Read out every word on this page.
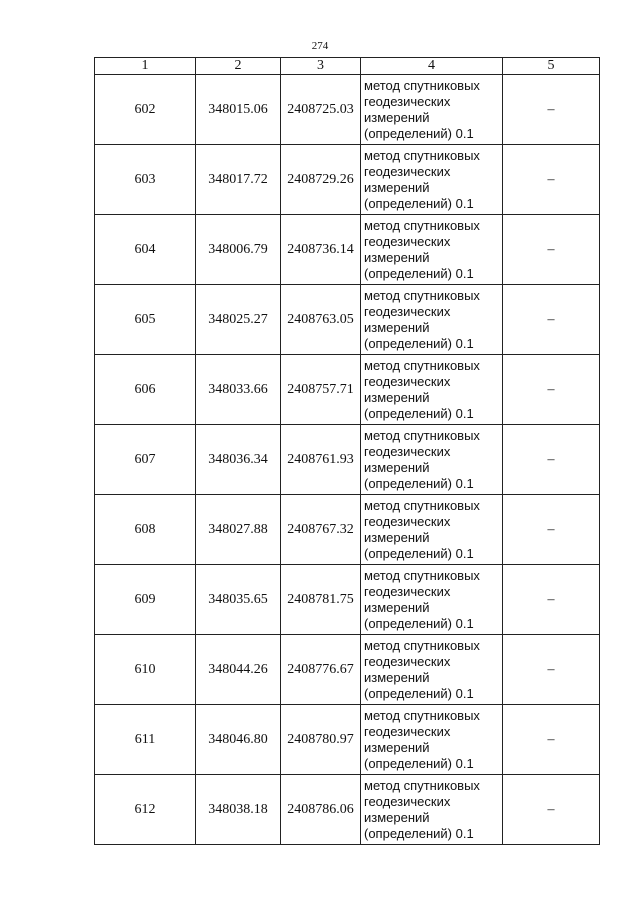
274
1	2	3	4	5
602	348015.06	2408725.03	метод спутниковых
геодезических
измерений
(определений) 0.1	–
603	348017.72	2408729.26	метод спутниковых
геодезических
измерений
(определений) 0.1	–
604	348006.79	2408736.14	метод спутниковых
геодезических
измерений
(определений) 0.1	–
605	348025.27	2408763.05	метод спутниковых
геодезических
измерений
(определений) 0.1	–
606	348033.66	2408757.71	метод спутниковых
геодезических
измерений
(определений) 0.1	–
607	348036.34	2408761.93	метод спутниковых
геодезических
измерений
(определений) 0.1	–
608	348027.88	2408767.32	метод спутниковых
геодезических
измерений
(определений) 0.1	–
609	348035.65	2408781.75	метод спутниковых
геодезических
измерений
(определений) 0.1	–
610	348044.26	2408776.67	метод спутниковых
геодезических
измерений
(определений) 0.1	–
611	348046.80	2408780.97	метод спутниковых
геодезических
измерений
(определений) 0.1	–
612	348038.18	2408786.06	метод спутниковых
геодезических
измерений
(определений) 0.1	–
